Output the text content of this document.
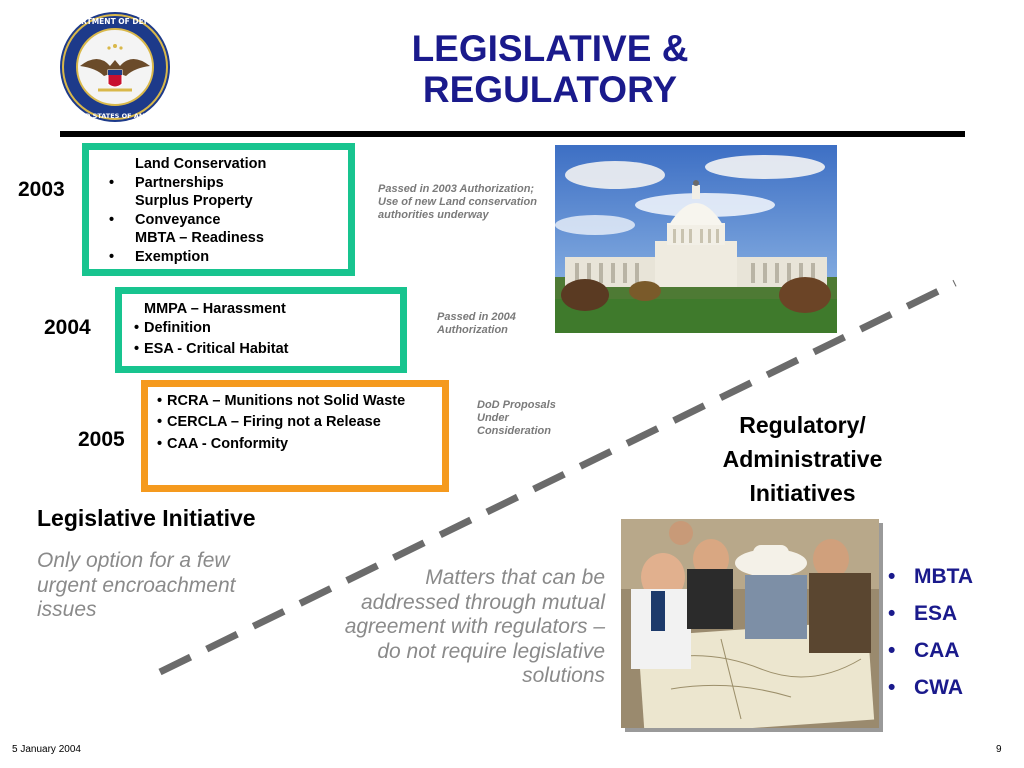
DEPARTMENT OF DEFENSE
UNITED STATES OF AMERICA
LEGISLATIVE &
REGULATORY
2003	•Land Conservation Partnerships
•Surplus Property Conveyance
•MBTA – Readiness Exemption
Passed in 2003 Authorization; Use of new Land conservation authorities underway
2004	•MMPA – Harassment Definition
• ESA - Critical Habitat
Passed in 2004 Authorization
2005
• RCRA – Munitions not Solid Waste
• CERCLA – Firing not a Release
• CAA - Conformity
DoD Proposals Under Consideration
Legislative Initiative
Only option for a few urgent encroachment issues
Matters that can be addressed through mutual agreement with regulators – do not require legislative solutions
Regulatory/
Administrative
Initiatives
• MBTA
• ESA
• CAA
• CWA
5 January 2004	9
